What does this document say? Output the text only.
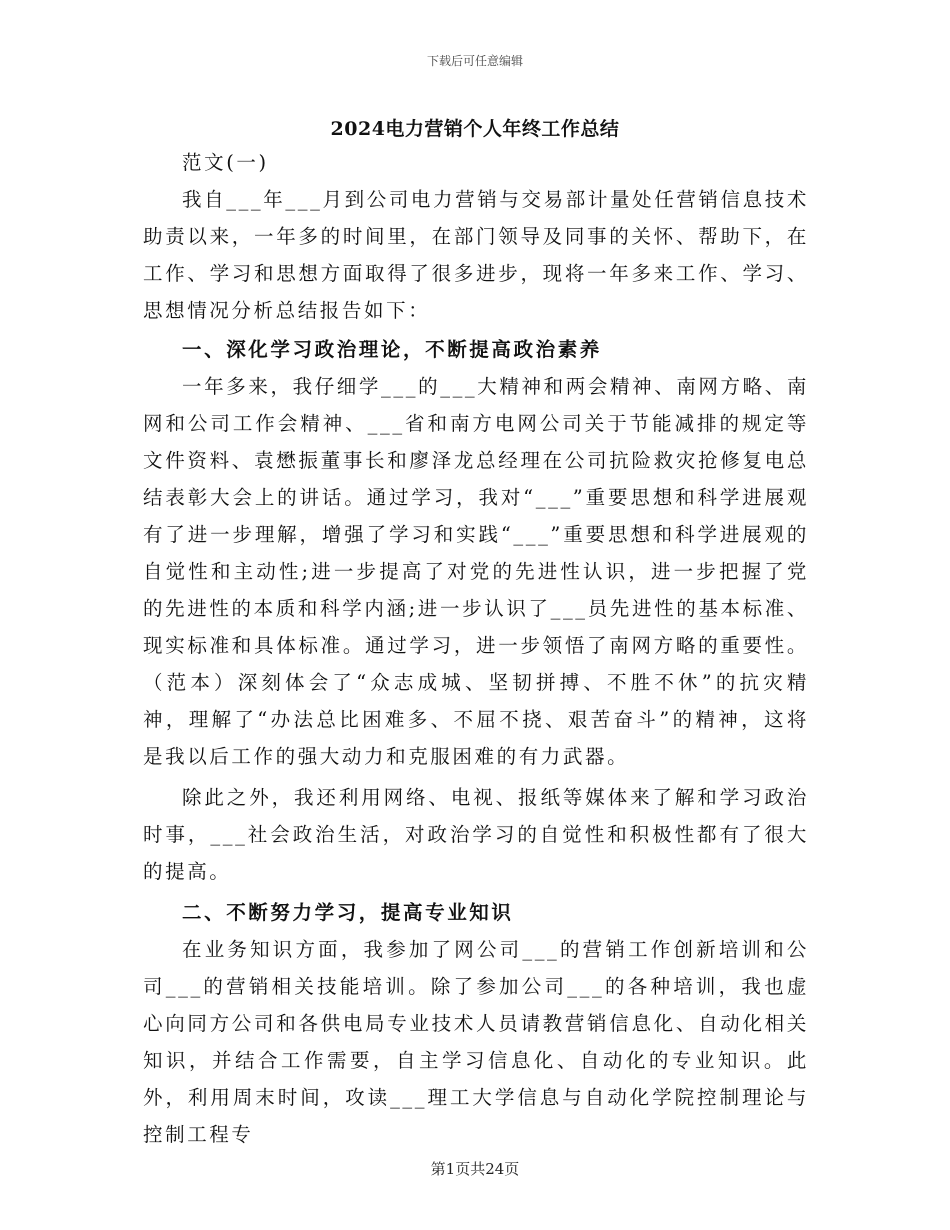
下载后可任意编辑
2024电力营销个人年终工作总结

范文(一)

我自___年___月到公司电力营销与交易部计量处任营销信息技术助责以来，一年多的时间里，在部门领导及同事的关怀、帮助下，在工作、学习和思想方面取得了很多进步，现将一年多来工作、学习、思想情况分析总结报告如下：

一、深化学习政治理论，不断提高政治素养

一年多来，我仔细学___的___大精神和两会精神、南网方略、南网和公司工作会精神、___省和南方电网公司关于节能减排的规定等文件资料、袁懋振董事长和廖泽龙总经理在公司抗险救灾抢修复电总结表彰大会上的讲话。通过学习，我对“___”重要思想和科学进展观有了进一步理解，增强了学习和实践“___”重要思想和科学进展观的自觉性和主动性;进一步提高了对党的先进性认识，进一步把握了党的先进性的本质和科学内涵;进一步认识了___员先进性的基本标准、现实标准和具体标准。通过学习，进一步领悟了南网方略的重要性。（范本）深刻体会了“众志成城、坚韧拼搏、不胜不休”的抗灾精神，理解了“办法总比困难多、不屈不挠、艰苦奋斗”的精神，这将是我以后工作的强大动力和克服困难的有力武器。

除此之外，我还利用网络、电视、报纸等媒体来了解和学习政治时事，___社会政治生活，对政治学习的自觉性和积极性都有了很大的提高。

二、不断努力学习，提高专业知识

在业务知识方面，我参加了网公司___的营销工作创新培训和公司___的营销相关技能培训。除了参加公司___的各种培训，我也虚心向同方公司和各供电局专业技术人员请教营销信息化、自动化相关知识，并结合工作需要，自主学习信息化、自动化的专业知识。此外，利用周末时间，攻读___理工大学信息与自动化学院控制理论与控制工程专

第1页共24页
